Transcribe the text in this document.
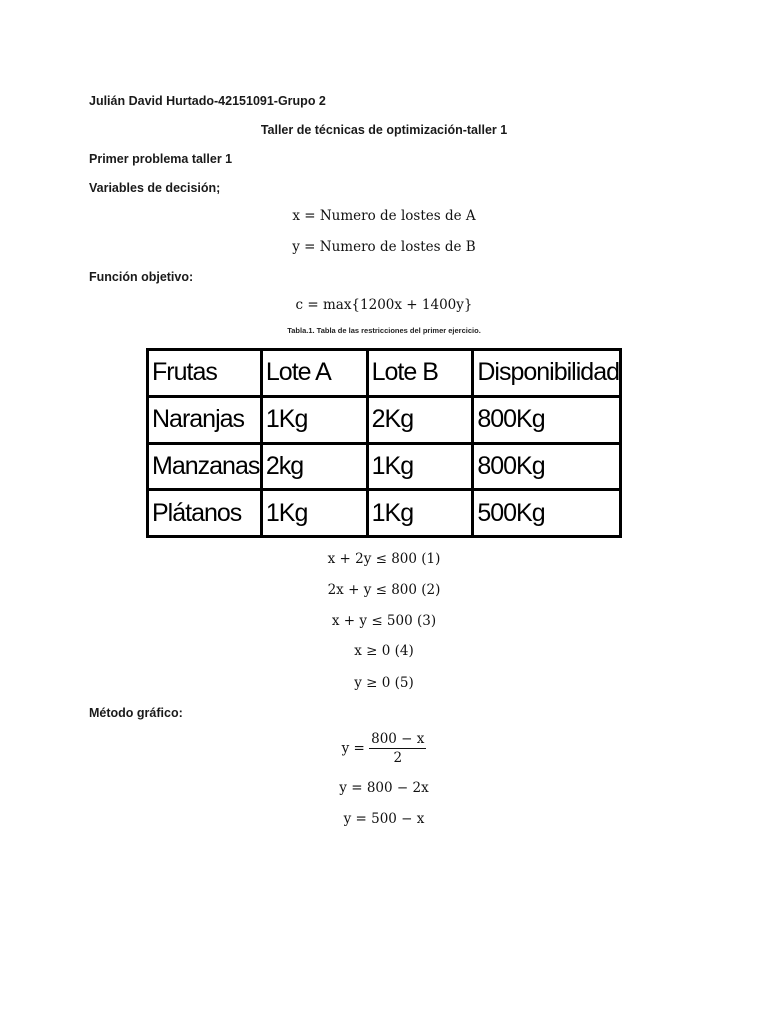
Julián David Hurtado-42151091-Grupo 2
Taller de técnicas de optimización-taller 1
Primer problema taller 1
Variables de decisión;
x = Numero de lostes de A
y = Numero de lostes de B
Función objetivo:
c = max{1200x + 1400y}
Tabla.1. Tabla de las restricciones del primer ejercicio.
Frutas	Lote A	Lote B	Disponibilidad
Naranjas	1Kg	2Kg	800Kg
Manzanas	2kg	1Kg	800Kg
Plátanos	1Kg	1Kg	500Kg
x + 2y ≤ 800 (1)
2x + y ≤ 800 (2)
x + y ≤ 500 (3)
x ≥ 0 (4)
y ≥ 0 (5)
Método gráfico:
$y = \frac{800 - x}{2}$
y = 800 − 2x
y = 500 − x
